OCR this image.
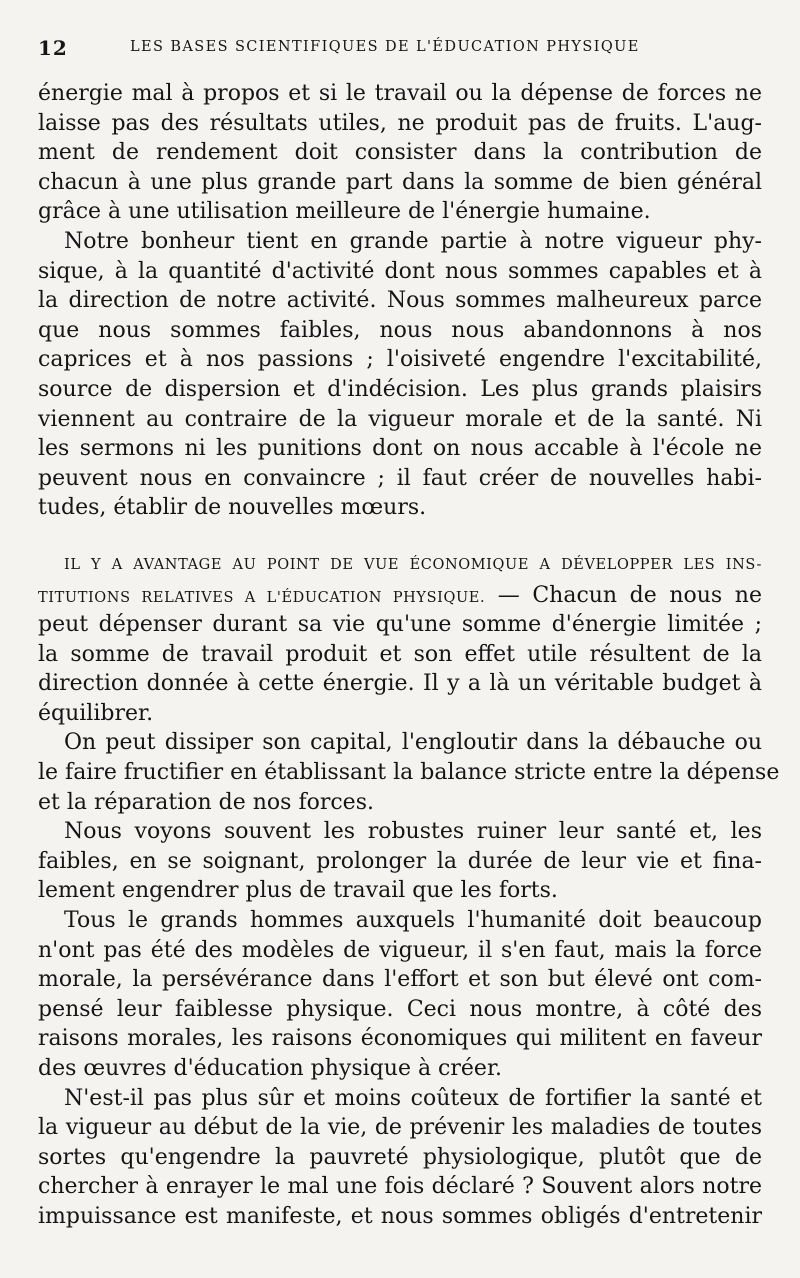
12	LES BASES SCIENTIFIQUES DE L'ÉDUCATION PHYSIQUE
énergie mal à propos et si le travail ou la dépense de forces ne
laisse pas des résultats utiles, ne produit pas de fruits. L'aug-
ment de rendement doit consister dans la contribution de
chacun à une plus grande part dans la somme de bien général
grâce à une utilisation meilleure de l'énergie humaine.
Notre bonheur tient en grande partie à notre vigueur phy-
sique, à la quantité d'activité dont nous sommes capables et à
la direction de notre activité. Nous sommes malheureux parce
que nous sommes faibles, nous nous abandonnons à nos
caprices et à nos passions ; l'oisiveté engendre l'excitabilité,
source de dispersion et d'indécision. Les plus grands plaisirs
viennent au contraire de la vigueur morale et de la santé. Ni
les sermons ni les punitions dont on nous accable à l'école ne
peuvent nous en convaincre ; il faut créer de nouvelles habi-
tudes, établir de nouvelles mœurs.
IL Y A AVANTAGE AU POINT DE VUE ÉCONOMIQUE A DÉVELOPPER LES INS-
TITUTIONS RELATIVES A L'ÉDUCATION PHYSIQUE. — Chacun de nous ne
peut dépenser durant sa vie qu'une somme d'énergie limitée ;
la somme de travail produit et son effet utile résultent de la
direction donnée à cette énergie. Il y a là un véritable budget à
équilibrer.
On peut dissiper son capital, l'engloutir dans la débauche ou
le faire fructifier en établissant la balance stricte entre la dépense
et la réparation de nos forces.
Nous voyons souvent les robustes ruiner leur santé et, les
faibles, en se soignant, prolonger la durée de leur vie et fina-
lement engendrer plus de travail que les forts.
Tous le grands hommes auxquels l'humanité doit beaucoup
n'ont pas été des modèles de vigueur, il s'en faut, mais la force
morale, la persévérance dans l'effort et son but élevé ont com-
pensé leur faiblesse physique. Ceci nous montre, à côté des
raisons morales, les raisons économiques qui militent en faveur
des œuvres d'éducation physique à créer.
N'est-il pas plus sûr et moins coûteux de fortifier la santé et
la vigueur au début de la vie, de prévenir les maladies de toutes
sortes qu'engendre la pauvreté physiologique, plutôt que de
chercher à enrayer le mal une fois déclaré ? Souvent alors notre
impuissance est manifeste, et nous sommes obligés d'entretenir
